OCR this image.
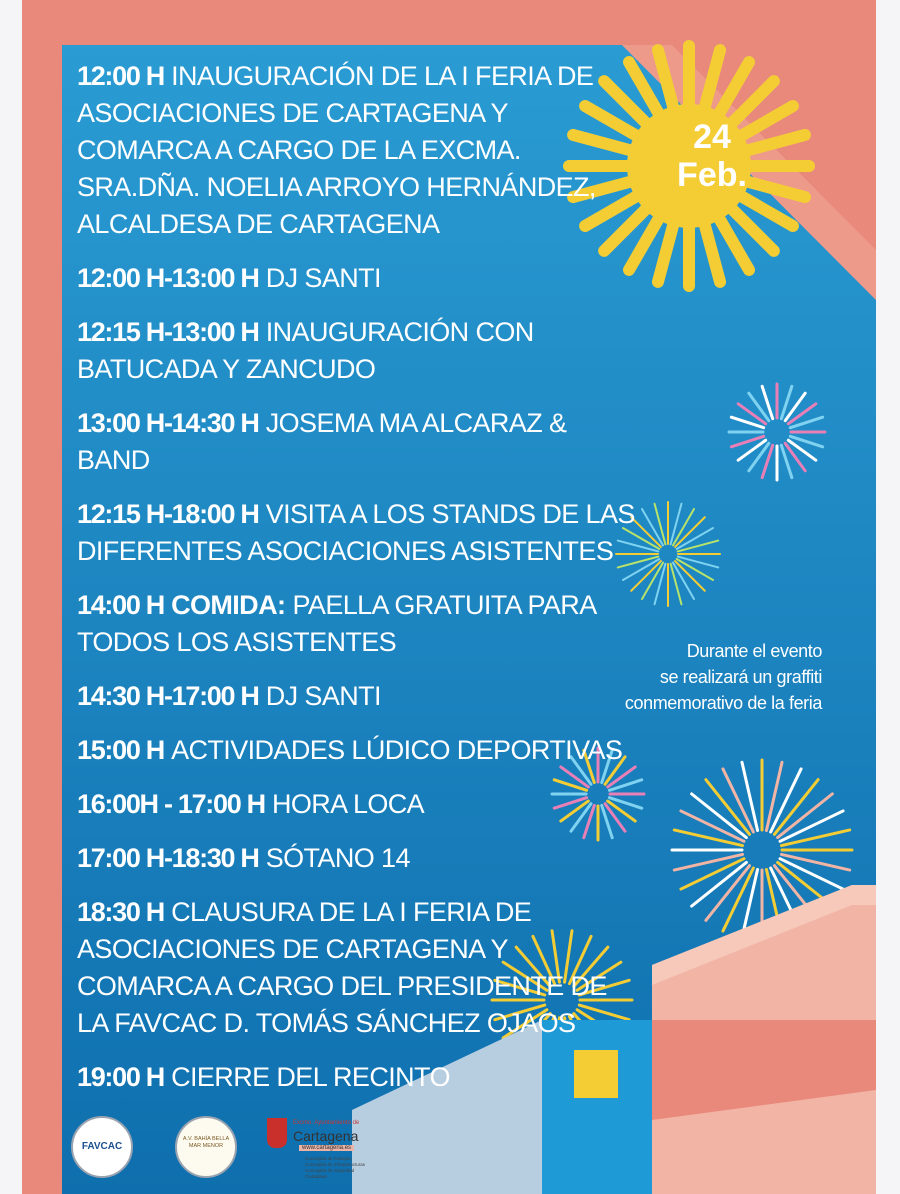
12:00 H INAUGURACIÓN DE LA I FERIA DE ASOCIACIONES DE CARTAGENA Y COMARCA A CARGO DE LA EXCMA. SRA.DÑA. NOELIA ARROYO HERNÁNDEZ, ALCALDESA DE CARTAGENA
12:00 H-13:00 H DJ SANTI
12:15 H-13:00 H INAUGURACIÓN CON BATUCADA Y ZANCUDO
13:00 H-14:30 H JOSEMA MA ALCARAZ & BAND
12:15 H-18:00 H VISITA A LOS STANDS DE LAS DIFERENTES ASOCIACIONES ASISTENTES
14:00 H COMIDA: PAELLA GRATUITA PARA TODOS LOS ASISTENTES
14:30 H-17:00 H DJ SANTI
15:00 H ACTIVIDADES LÚDICO DEPORTIVAS
16:00H - 17:00 H HORA LOCA
17:00 H-18:30 H SÓTANO 14
18:30 H CLAUSURA DE LA I FERIA DE ASOCIACIONES DE CARTAGENA Y COMARCA A CARGO DEL PRESIDENTE DE LA FAVCAC D. TOMÁS SÁNCHEZ OJAOS
19:00 H CIERRE DEL RECINTO
24
Feb.
Durante el evento
se realizará un graffiti
conmemorativo de la feria
FAVCAC
A.V. BAHÍA BELLA MAR MENOR
Excmo. Ayuntamiento de
Cartagena
www.cartagena.es
Concejalía de Festejos,
Concejalía de Infraestructuras
Concejalía de Seguridad Ciudadana
